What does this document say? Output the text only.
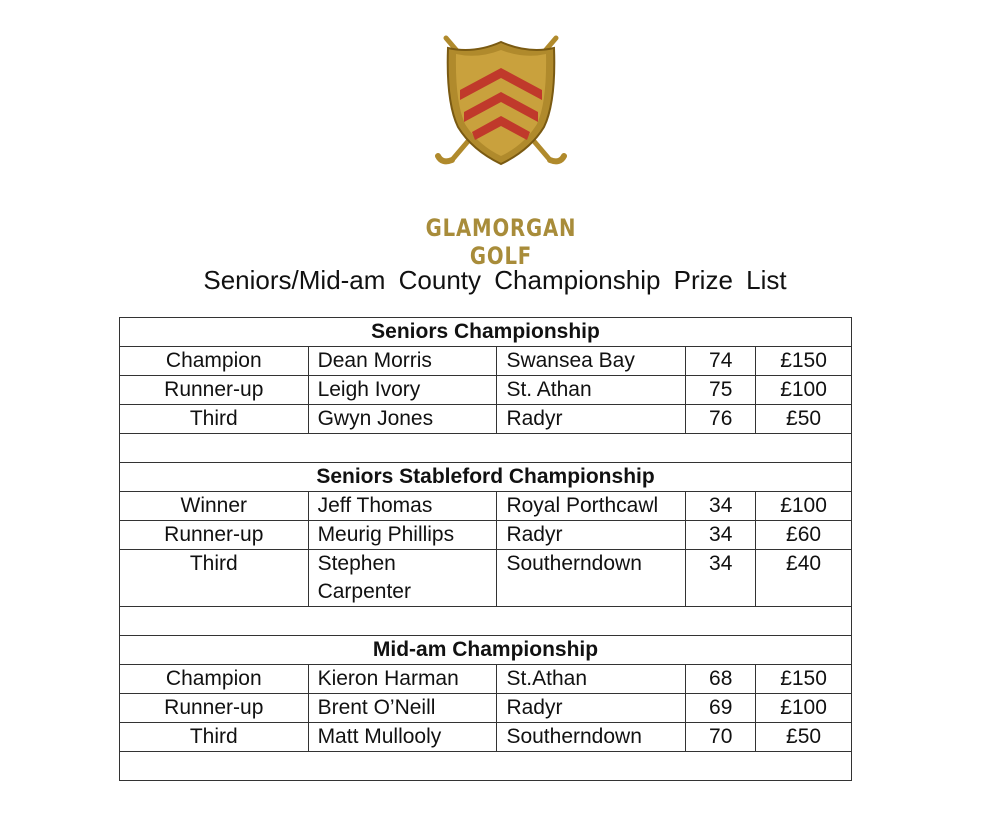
GLAMORGAN GOLF
Seniors/Mid-am County Championship Prize List
Seniors Championship				
Champion	Dean Morris	Swansea Bay	74	£150
Runner-up	Leigh Ivory	St. Athan	75	£100
Third	Gwyn Jones	Radyr	76	£50

Seniors Stableford Championship				
Winner	Jeff Thomas	Royal Porthcawl	34	£100
Runner-up	Meurig Phillips	Radyr	34	£60
Third	Stephen Carpenter	Southerndown	34	£40

Mid-am Championship				
Champion	Kieron Harman	St.Athan	68	£150
Runner-up	Brent O’Neill	Radyr	69	£100
Third	Matt Mullooly	Southerndown	70	£50
